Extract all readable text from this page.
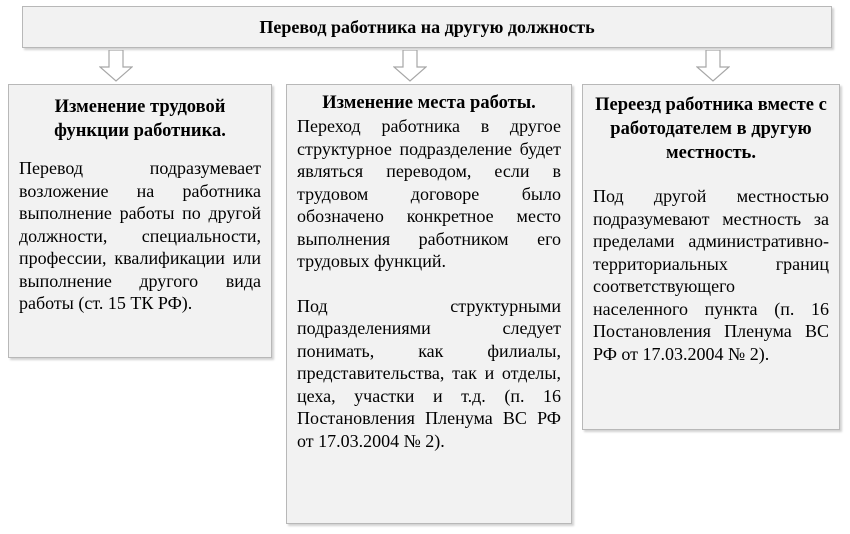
Перевод работника на другую должность

Изменение трудовой функции работника.

Перевод подразумевает возложение на работника выполнение работы по другой должности, специальности, профессии, квалификации или выполнение другого вида работы (ст. 15 ТК РФ).

Изменение места работы.

Переход работника в другое структурное подразделение будет являться переводом, если в трудовом договоре было обозначено конкретное место выполнения работником его трудовых функций.

Под структурными подразделениями следует понимать, как филиалы, представительства, так и отделы, цеха, участки и т.д. (п. 16 Постановления Пленума ВС РФ от 17.03.2004 № 2).

Переезд работника вместе с работодателем в другую местность.

Под другой местностью подразумевают местность за пределами административно-территориальных границ соответствующего населенного пункта (п. 16 Постановления Пленума ВС РФ от 17.03.2004 № 2).
